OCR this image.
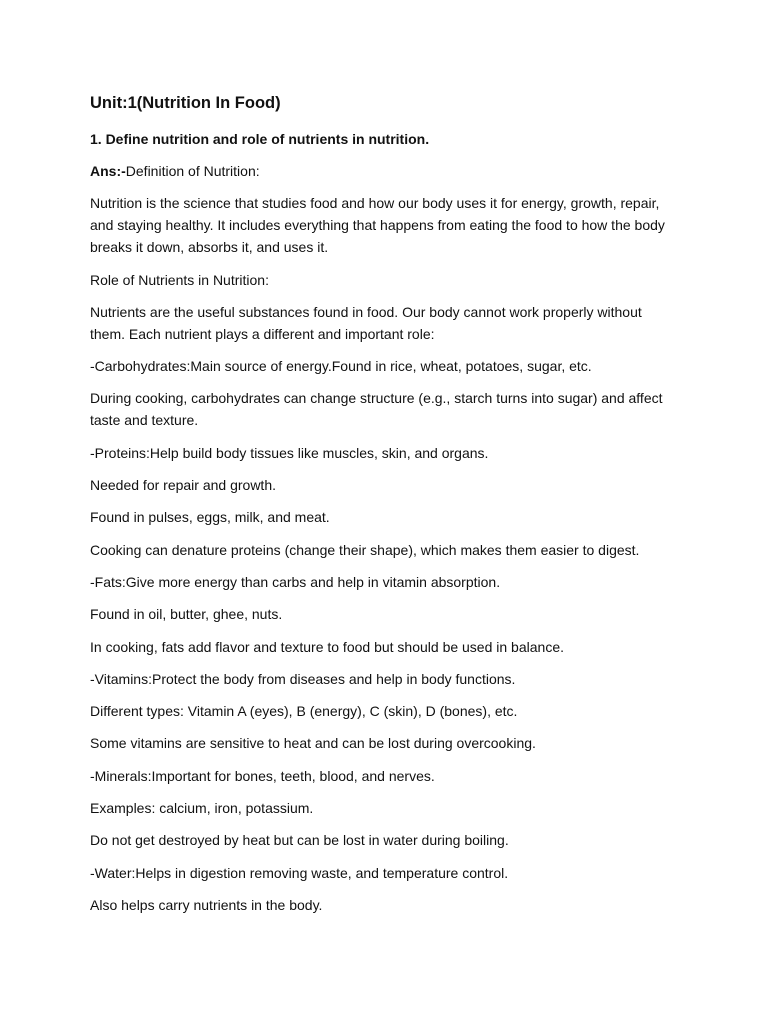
Unit:1(Nutrition In Food)
1. Define nutrition and role of nutrients in nutrition.

Ans:-Definition of Nutrition:

Nutrition is the science that studies food and how our body uses it for energy, growth, repair, and staying healthy. It includes everything that happens from eating the food to how the body breaks it down, absorbs it, and uses it.

Role of Nutrients in Nutrition:

Nutrients are the useful substances found in food. Our body cannot work properly without them. Each nutrient plays a different and important role:

-Carbohydrates:Main source of energy.Found in rice, wheat, potatoes, sugar, etc.

During cooking, carbohydrates can change structure (e.g., starch turns into sugar) and affect taste and texture.

-Proteins:Help build body tissues like muscles, skin, and organs.

Needed for repair and growth.

Found in pulses, eggs, milk, and meat.

Cooking can denature proteins (change their shape), which makes them easier to digest.

-Fats:Give more energy than carbs and help in vitamin absorption.

Found in oil, butter, ghee, nuts.

In cooking, fats add flavor and texture to food but should be used in balance.

-Vitamins:Protect the body from diseases and help in body functions.

Different types: Vitamin A (eyes), B (energy), C (skin), D (bones), etc.

Some vitamins are sensitive to heat and can be lost during overcooking.

-Minerals:Important for bones, teeth, blood, and nerves.

Examples: calcium, iron, potassium.

Do not get destroyed by heat but can be lost in water during boiling.

-Water:Helps in digestion removing waste, and temperature control.

Also helps carry nutrients in the body.
